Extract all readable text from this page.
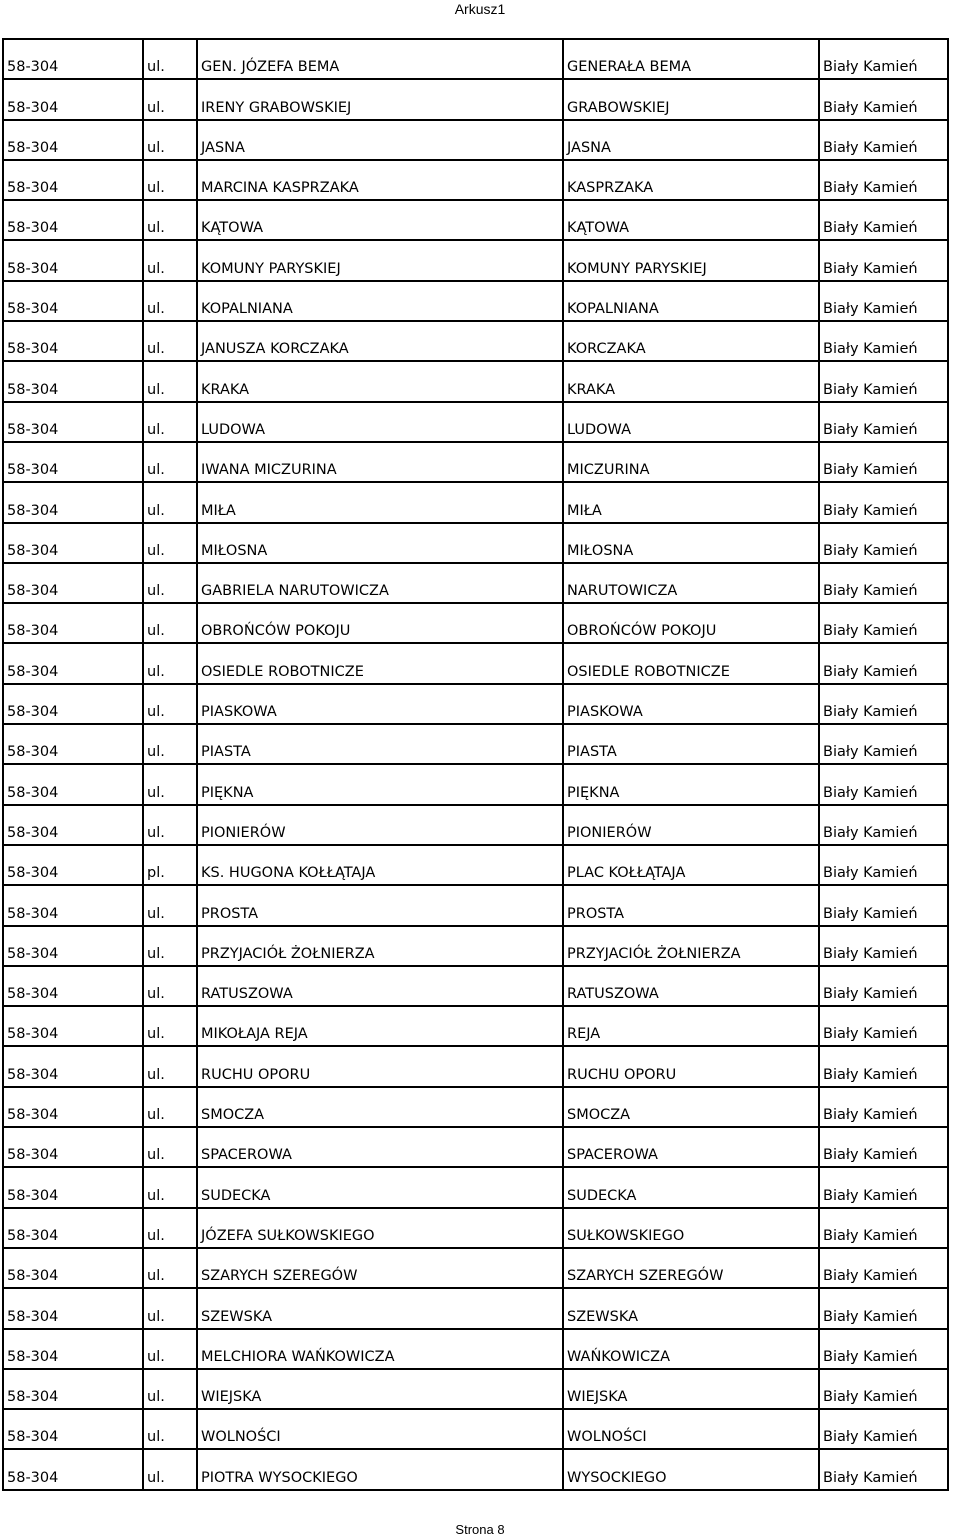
Arkusz1
58-304	ul.	GEN. JÓZEFA BEMA	GENERAŁA BEMA	Biały Kamień
58-304	ul.	IRENY GRABOWSKIEJ	GRABOWSKIEJ	Biały Kamień
58-304	ul.	JASNA	JASNA	Biały Kamień
58-304	ul.	MARCINA KASPRZAKA	KASPRZAKA	Biały Kamień
58-304	ul.	KĄTOWA	KĄTOWA	Biały Kamień
58-304	ul.	KOMUNY PARYSKIEJ	KOMUNY PARYSKIEJ	Biały Kamień
58-304	ul.	KOPALNIANA	KOPALNIANA	Biały Kamień
58-304	ul.	JANUSZA KORCZAKA	KORCZAKA	Biały Kamień
58-304	ul.	KRAKA	KRAKA	Biały Kamień
58-304	ul.	LUDOWA	LUDOWA	Biały Kamień
58-304	ul.	IWANA MICZURINA	MICZURINA	Biały Kamień
58-304	ul.	MIŁA	MIŁA	Biały Kamień
58-304	ul.	MIŁOSNA	MIŁOSNA	Biały Kamień
58-304	ul.	GABRIELA NARUTOWICZA	NARUTOWICZA	Biały Kamień
58-304	ul.	OBROŃCÓW POKOJU	OBROŃCÓW POKOJU	Biały Kamień
58-304	ul.	OSIEDLE ROBOTNICZE	OSIEDLE ROBOTNICZE	Biały Kamień
58-304	ul.	PIASKOWA	PIASKOWA	Biały Kamień
58-304	ul.	PIASTA	PIASTA	Biały Kamień
58-304	ul.	PIĘKNA	PIĘKNA	Biały Kamień
58-304	ul.	PIONIERÓW	PIONIERÓW	Biały Kamień
58-304	pl.	KS. HUGONA KOŁŁĄTAJA	PLAC KOŁŁĄTAJA	Biały Kamień
58-304	ul.	PROSTA	PROSTA	Biały Kamień
58-304	ul.	PRZYJACIÓŁ ŻOŁNIERZA	PRZYJACIÓŁ ŻOŁNIERZA	Biały Kamień
58-304	ul.	RATUSZOWA	RATUSZOWA	Biały Kamień
58-304	ul.	MIKOŁAJA REJA	REJA	Biały Kamień
58-304	ul.	RUCHU OPORU	RUCHU OPORU	Biały Kamień
58-304	ul.	SMOCZA	SMOCZA	Biały Kamień
58-304	ul.	SPACEROWA	SPACEROWA	Biały Kamień
58-304	ul.	SUDECKA	SUDECKA	Biały Kamień
58-304	ul.	JÓZEFA SUŁKOWSKIEGO	SUŁKOWSKIEGO	Biały Kamień
58-304	ul.	SZARYCH SZEREGÓW	SZARYCH SZEREGÓW	Biały Kamień
58-304	ul.	SZEWSKA	SZEWSKA	Biały Kamień
58-304	ul.	MELCHIORA WAŃKOWICZA	WAŃKOWICZA	Biały Kamień
58-304	ul.	WIEJSKA	WIEJSKA	Biały Kamień
58-304	ul.	WOLNOŚCI	WOLNOŚCI	Biały Kamień
58-304	ul.	PIOTRA WYSOCKIEGO	WYSOCKIEGO	Biały Kamień
Strona 8
